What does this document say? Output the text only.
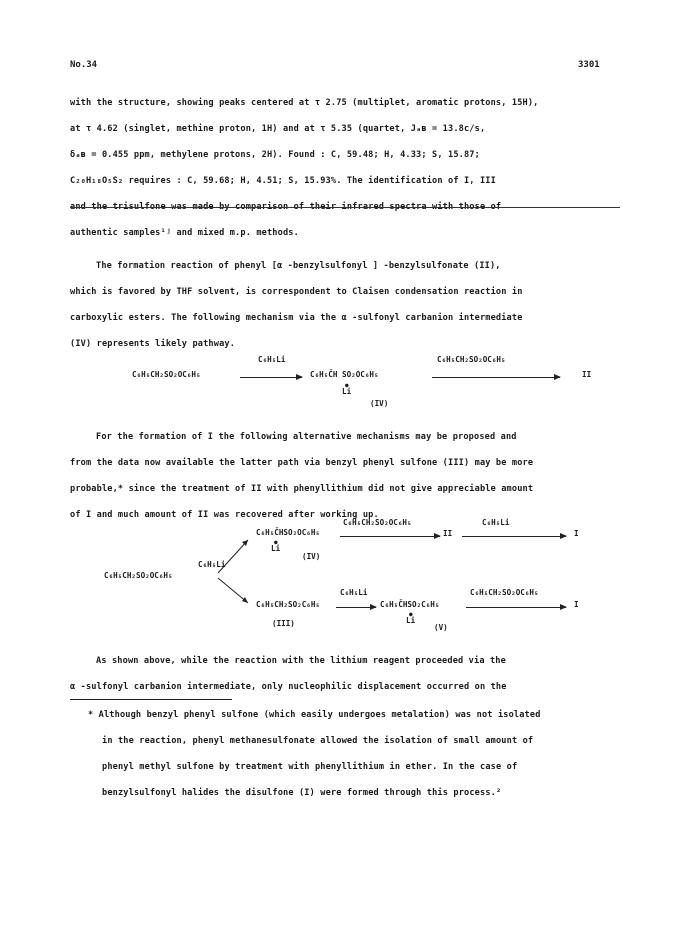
No.34	3301
with the structure, showing peaks centered at τ 2.75 (multiplet, aromatic protons, 15H),
at τ 4.62 (singlet, methine proton, 1H) and at τ 5.35 (quartet, Jₐʙ = 13.8c/s,
δₐʙ = 0.455 ppm, methylene protons, 2H). Found : C, 59.48; H, 4.33; S, 15.87;
C₂₀H₁₈O₅S₂ requires : C, 59.68; H, 4.51; S, 15.93%. The identification of I, III
and the trisulfone was made by comparison of their infrared spectra with those of
authentic samples¹ʲ and mixed m.p. methods.
The formation reaction of phenyl [α -benzylsulfonyl ] -benzylsulfonate (II),
which is favored by THF solvent, is correspondent to Claisen condensation reaction in
carboxylic esters. The following mechanism via the α -sulfonyl carbanion intermediate
(IV) represents likely pathway.
C₆H₅CH₂SO₂OC₆H₅
C₆H₅Li
→ C₆H₅C̄H SO₂OC₆H₅
●
Li
(IV)
C₆H₅CH₂SO₂OC₆H₅
II
For the formation of I the following alternative mechanisms may be proposed and
from the data now available the latter path via benzyl phenyl sulfone (III) may be more
probable,* since the treatment of II with phenyllithium did not give appreciable amount
of I and much amount of II was recovered after working up.
C₆H₅CH₂SO₂OC₆H₅
C₆H₅Li
C₆H₅C̄HSO₂OC₆H₅
●
Li
(IV)
C₆H₅CH₂SO₂OC₆H₅
II
C₆H₅Li
I
C₆H₅CH₂SO₂C₆H₅
(III)
C₆H₅Li
→ C₆H₅C̄HSO₂C₆H₅
●
Li
(V)
C₆H₅CH₂SO₂OC₆H₅
I
As shown above, while the reaction with the lithium reagent proceeded via the
α -sulfonyl carbanion intermediate, only nucleophilic displacement occurred on the
* Although benzyl phenyl sulfone (which easily undergoes metalation) was not isolated
in the reaction, phenyl methanesulfonate allowed the isolation of small amount of
phenyl methyl sulfone by treatment with phenyllithium in ether. In the case of
benzylsulfonyl halides the disulfone (I) were formed through this process.²
